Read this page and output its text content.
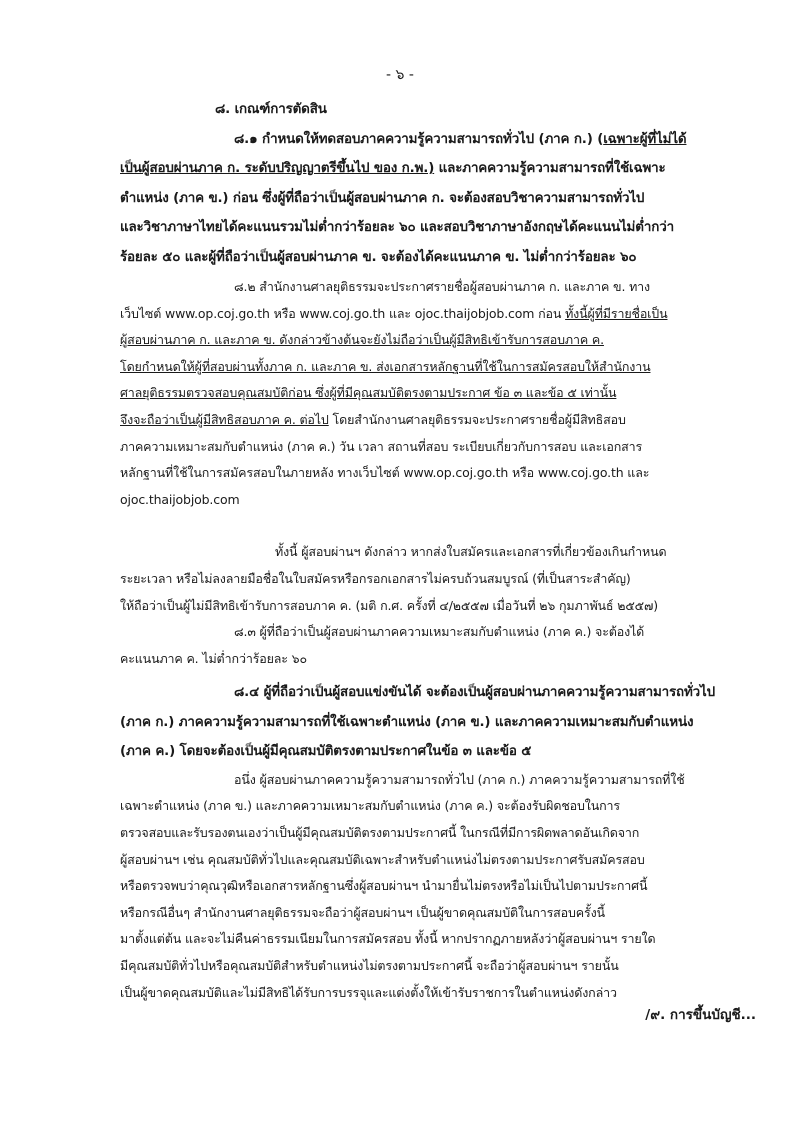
- ๖ -

๘. เกณฑ์การตัดสิน

๘.๑ กำหนดให้ทดสอบภาคความรู้ความสามารถทั่วไป (ภาค ก.) (เฉพาะผู้ที่ไม่ได้

เป็นผู้สอบผ่านภาค ก. ระดับปริญญาตรีขึ้นไป ของ ก.พ.) และภาคความรู้ความสามารถที่ใช้เฉพาะ

ตำแหน่ง (ภาค ข.) ก่อน ซึ่งผู้ที่ถือว่าเป็นผู้สอบผ่านภาค ก. จะต้องสอบวิชาความสามารถทั่วไป

และวิชาภาษาไทยได้คะแนนรวมไม่ต่ำกว่าร้อยละ ๖๐ และสอบวิชาภาษาอังกฤษได้คะแนนไม่ต่ำกว่า

ร้อยละ ๕๐ และผู้ที่ถือว่าเป็นผู้สอบผ่านภาค ข. จะต้องได้คะแนนภาค ข. ไม่ต่ำกว่าร้อยละ ๖๐

๘.๒ สำนักงานศาลยุติธรรมจะประกาศรายชื่อผู้สอบผ่านภาค ก. และภาค ข. ทาง

เว็บไซต์ www.op.coj.go.th หรือ www.coj.go.th และ ojoc.thaijobjob.com ก่อน ทั้งนี้ผู้ที่มีรายชื่อเป็น

ผู้สอบผ่านภาค ก. และภาค ข. ดังกล่าวข้างต้นจะยังไม่ถือว่าเป็นผู้มีสิทธิเข้ารับการสอบภาค ค.

โดยกำหนดให้ผู้ที่สอบผ่านทั้งภาค ก. และภาค ข. ส่งเอกสารหลักฐานที่ใช้ในการสมัครสอบให้สำนักงาน

ศาลยุติธรรมตรวจสอบคุณสมบัติก่อน ซึ่งผู้ที่มีคุณสมบัติตรงตามประกาศ ข้อ ๓ และข้อ ๕ เท่านั้น

จึงจะถือว่าเป็นผู้มีสิทธิสอบภาค ค. ต่อไป โดยสำนักงานศาลยุติธรรมจะประกาศรายชื่อผู้มีสิทธิสอบ

ภาคความเหมาะสมกับตำแหน่ง (ภาค ค.) วัน เวลา สถานที่สอบ ระเบียบเกี่ยวกับการสอบ และเอกสาร

หลักฐานที่ใช้ในการสมัครสอบในภายหลัง ทางเว็บไซต์ www.op.coj.go.th หรือ www.coj.go.th และ

ojoc.thaijobjob.com

ทั้งนี้ ผู้สอบผ่านฯ ดังกล่าว หากส่งใบสมัครและเอกสารที่เกี่ยวข้องเกินกำหนด

ระยะเวลา หรือไม่ลงลายมือชื่อในใบสมัครหรือกรอกเอกสารไม่ครบถ้วนสมบูรณ์ (ที่เป็นสาระสำคัญ)

ให้ถือว่าเป็นผู้ไม่มีสิทธิเข้ารับการสอบภาค ค. (มติ ก.ศ. ครั้งที่ ๔/๒๕๕๗ เมื่อวันที่ ๒๖ กุมภาพันธ์ ๒๕๕๗)

๘.๓ ผู้ที่ถือว่าเป็นผู้สอบผ่านภาคความเหมาะสมกับตำแหน่ง (ภาค ค.) จะต้องได้

คะแนนภาค ค. ไม่ต่ำกว่าร้อยละ ๖๐

๘.๔ ผู้ที่ถือว่าเป็นผู้สอบแข่งขันได้ จะต้องเป็นผู้สอบผ่านภาคความรู้ความสามารถทั่วไป

(ภาค ก.) ภาคความรู้ความสามารถที่ใช้เฉพาะตำแหน่ง (ภาค ข.) และภาคความเหมาะสมกับตำแหน่ง

(ภาค ค.) โดยจะต้องเป็นผู้มีคุณสมบัติตรงตามประกาศในข้อ ๓ และข้อ ๕

อนึ่ง ผู้สอบผ่านภาคความรู้ความสามารถทั่วไป (ภาค ก.) ภาคความรู้ความสามารถที่ใช้

เฉพาะตำแหน่ง (ภาค ข.) และภาคความเหมาะสมกับตำแหน่ง (ภาค ค.) จะต้องรับผิดชอบในการ

ตรวจสอบและรับรองตนเองว่าเป็นผู้มีคุณสมบัติตรงตามประกาศนี้ ในกรณีที่มีการผิดพลาดอันเกิดจาก

ผู้สอบผ่านฯ เช่น คุณสมบัติทั่วไปและคุณสมบัติเฉพาะสำหรับตำแหน่งไม่ตรงตามประกาศรับสมัครสอบ

หรือตรวจพบว่าคุณวุฒิหรือเอกสารหลักฐานซึ่งผู้สอบผ่านฯ นำมายื่นไม่ตรงหรือไม่เป็นไปตามประกาศนี้

หรือกรณีอื่นๆ สำนักงานศาลยุติธรรมจะถือว่าผู้สอบผ่านฯ เป็นผู้ขาดคุณสมบัติในการสอบครั้งนี้

มาตั้งแต่ต้น และจะไม่คืนค่าธรรมเนียมในการสมัครสอบ ทั้งนี้ หากปรากฏภายหลังว่าผู้สอบผ่านฯ รายใด

มีคุณสมบัติทั่วไปหรือคุณสมบัติสำหรับตำแหน่งไม่ตรงตามประกาศนี้ จะถือว่าผู้สอบผ่านฯ รายนั้น

เป็นผู้ขาดคุณสมบัติและไม่มีสิทธิได้รับการบรรจุและแต่งตั้งให้เข้ารับราชการในตำแหน่งดังกล่าว

/๙. การขึ้นบัญชี...
